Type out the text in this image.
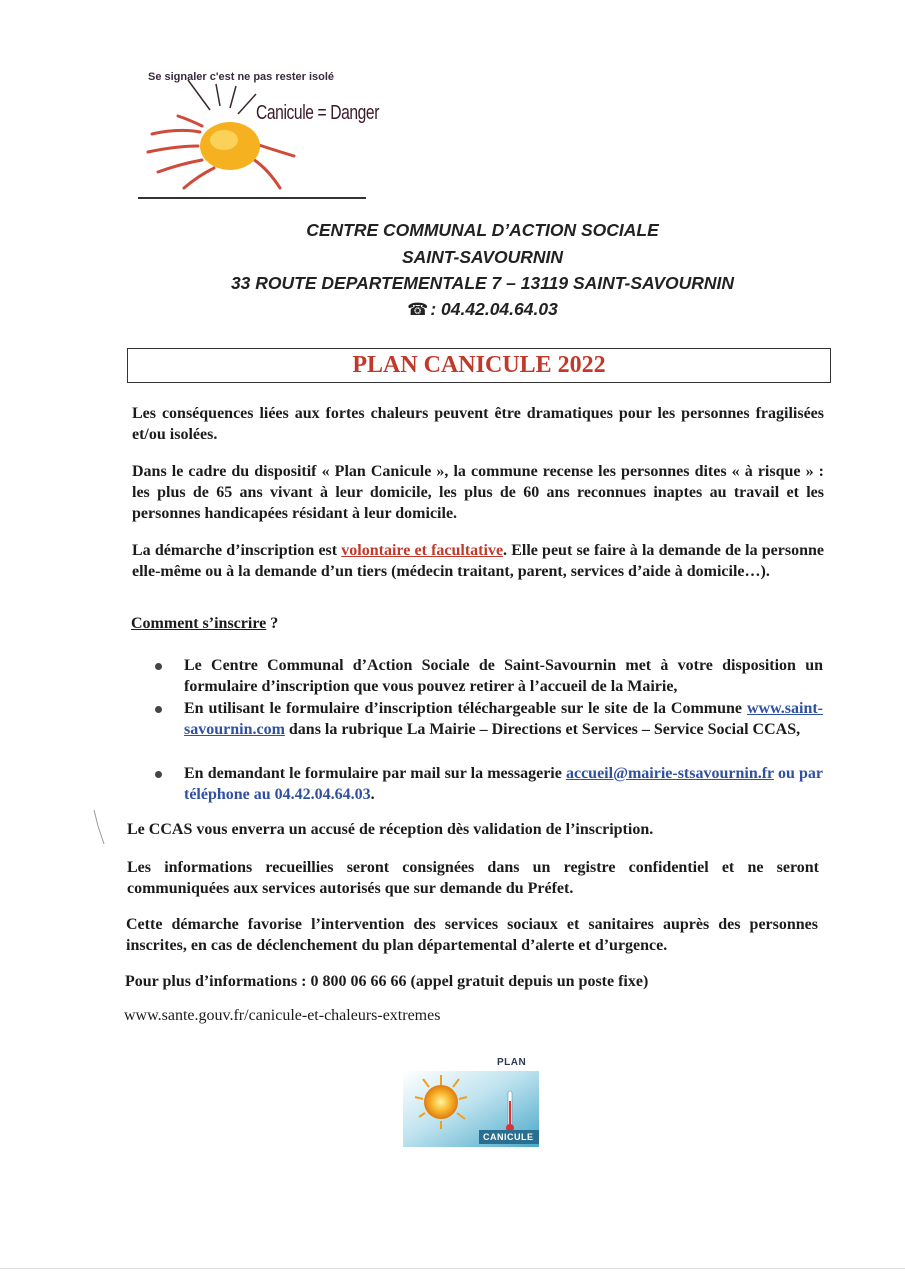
Se signaler c'est ne pas rester isolé
Canicule = Danger
CENTRE COMMUNAL D’ACTION SOCIALE
SAINT-SAVOURNIN
33 ROUTE DEPARTEMENTALE 7 – 13119 SAINT-SAVOURNIN
☎ : 04.42.04.64.03
PLAN CANICULE 2022
Les conséquences liées aux fortes chaleurs peuvent être dramatiques pour les personnes fragilisées et/ou isolées.
Dans le cadre du dispositif « Plan Canicule », la commune recense les personnes dites « à risque » : les plus de 65 ans vivant à leur domicile, les plus de 60 ans reconnues inaptes au travail et les personnes handicapées résidant à leur domicile.
La démarche d’inscription est volontaire et facultative. Elle peut se faire à la demande de la personne elle-même ou à la demande d’un tiers (médecin traitant, parent, services d’aide à domicile…).
Comment s’inscrire ?
Le Centre Communal d’Action Sociale de Saint-Savournin met à votre disposition un formulaire d’inscription que vous pouvez retirer à l’accueil de la Mairie,
En utilisant le formulaire d’inscription téléchargeable sur le site de la Commune www.saint-savournin.com dans la rubrique La Mairie – Directions et Services – Service Social CCAS,
En demandant le formulaire par mail sur la messagerie accueil@mairie-stsavournin.fr ou par téléphone au 04.42.04.64.03.
Le CCAS vous enverra un accusé de réception dès validation de l’inscription.
Les informations recueillies seront consignées dans un registre confidentiel et ne seront communiquées aux services autorisés que sur demande du Préfet.
Cette démarche favorise l’intervention des services sociaux et sanitaires auprès des personnes inscrites, en cas de déclenchement du plan départemental d’alerte et d’urgence.
Pour plus d’informations : 0 800 06 66 66 (appel gratuit depuis un poste fixe)
www.sante.gouv.fr/canicule-et-chaleurs-extremes
PLAN
CANICULE
